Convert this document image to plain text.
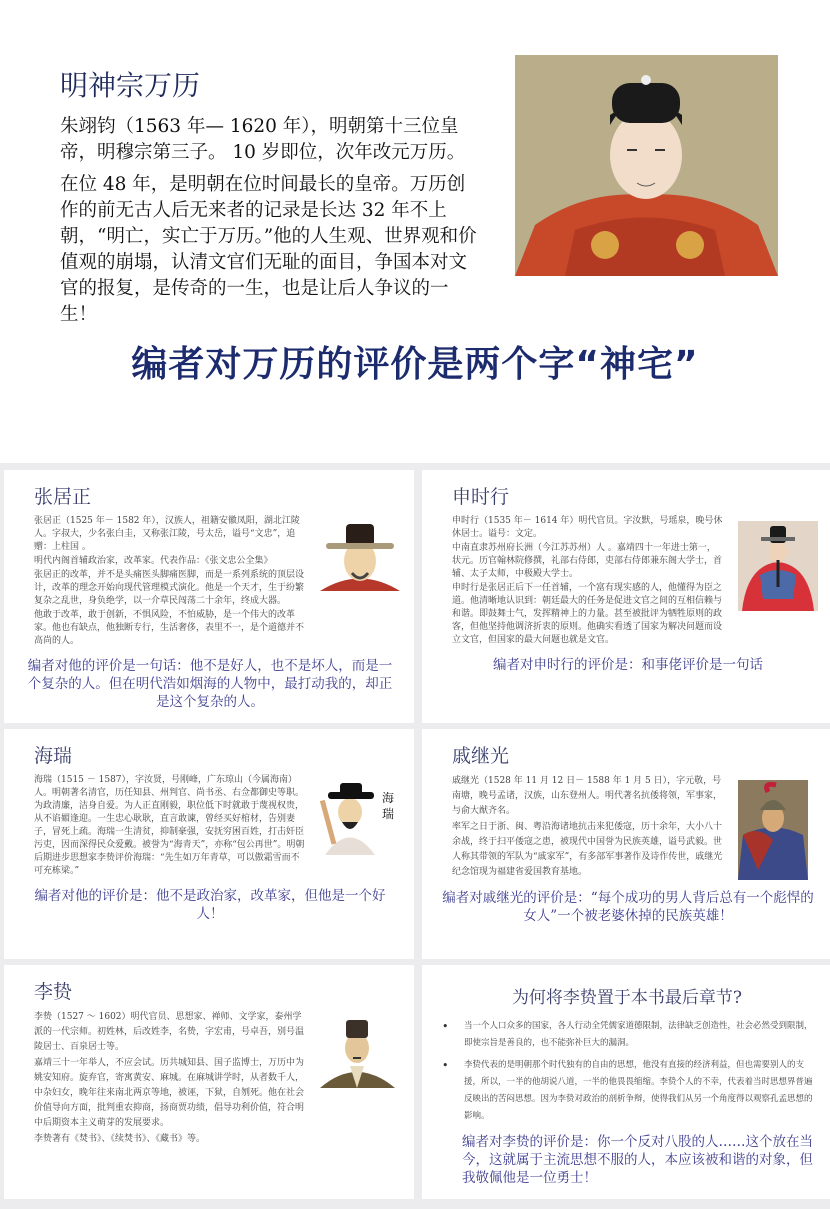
明神宗万历
朱翊钧（1563 年— 1620 年），明朝第十三位皇帝，明穆宗第三子。 10 岁即位，次年改元万历。
在位 48 年，是明朝在位时间最长的皇帝。万历创作的前无古人后无来者的记录是长达 32 年不上朝，“明亡，实亡于万历。”他的人生观、世界观和价值观的崩塌，认清文官们无耻的面目，争国本对文官的报复，是传奇的一生，也是让后人争议的一生！
编者对万历的评价是两个字“神宅”
张居正

张居正（1525 年－ 1582 年），汉族人，祖籍安徽凤阳，湖北江陵人。字叔大，少名张白圭，又称张江陵，号太岳，谥号“文忠”，追赠：上柱国 。

明代内阁首辅政治家，改革家。代表作品：《张文忠公全集》

张居正的改革，并不是头痛医头脚痛医脚，而是一系列系统的顶层设计，改革的理念开始向现代管理模式演化。他是一个天才，生于纷繁复杂之乱世，身负绝学，以一介草民闯荡二十余年，终成大器。

他敢于改革，敢于创新，不惧风险，不怕威胁，是一个伟大的改革家。他也有缺点，他独断专行，生活奢侈，表里不一，是个道德并不高尚的人。

编者对他的评价是一句话：他不是好人，也不是坏人，而是一个复杂的人。但在明代浩如烟海的人物中，最打动我的，却正是这个复杂的人。
申时行

申时行（1535 年－ 1614 年）明代官员。字汝默，号瑶泉，晚号休休居士。谥号：文定。

中南直隶苏州府长洲（今江苏苏州）人 。嘉靖四十一年进士第一，状元。历官翰林院修撰，礼部右侍郎，吏部右侍郎兼东阁大学士，首辅、太子太师，中极殿大学士。

申时行是张居正后下一任首辅，一个富有现实感的人，他懂得为臣之道。他清晰地认识到：朝廷最大的任务是促进文官之间的互相信赖与和谐。即鼓舞士气，发挥精神上的力量。甚至被批评为牺牲原则的政客，但他坚持他调济折衷的原则。他确实看透了国家为解决问题而设立文官，但国家的最大问题也就是文官。

编者对申时行的评价是：和事佬评价是一句话
海瑞

海瑞（1515 － 1587），字汝贤，号刚峰，广东琼山（今属海南）人。明朝著名清官，历任知县、州判官、尚书丞、右佥都御史等职。为政清廉，洁身自爱。为人正直刚毅，职位低下时就敢于蔑视权贵，从不谄媚逢迎。一生忠心耿耿，直言敢谏，曾经买好棺材，告别妻子，冒死上疏。海瑞一生清贫，抑制豪强，安抚穷困百姓，打击奸臣污吏，因而深得民众爱戴。被誉为“海青天”，亦称“包公再世”。明朝后期进步思想家李贽评价海瑞：“先生如万年青草，可以傲霜雪而不可充栋梁。”

海
瑞
编者对他的评价是：他不是政治家，改革家，但他是一个好人！
戚继光

戚继光（1528 年 11 月 12 日－ 1588 年 1 月 5 日），字元敬，号南塘，晚号孟诸，汉族，山东登州人。明代著名抗倭将领，军事家，与俞大猷齐名。

率军之日于浙、闽、粤沿海诸地抗击来犯倭寇，历十余年，大小八十余战，终于扫平倭寇之患，被现代中国誉为民族英雄，谥号武毅。世人称其带领的军队为“戚家军”，有多部军事著作及诗作传世，戚继光纪念馆现为福建省爱国教育基地。

编者对戚继光的评价是：“每个成功的男人背后总有一个彪悍的女人”一个被老婆休掉的民族英雄！
李贽

李贽（1527 ～ 1602）明代官员、思想家、禅师、文学家，泰州学派的一代宗师。初姓林，后改姓李，名贽，字宏甫，号卓吾，别号温陵居士、百泉居士等。

嘉靖三十一年举人，不应会试。历共城知县、国子监博士，万历中为姚安知府。旋弃官，寄寓黄安、麻城。在麻城讲学时，从者数千人，中杂妇女，晚年往来南北两京等地，被诬，下狱，自刎死。他在社会价值导向方面，批判重农抑商，扬商贾功绩，倡导功利价值，符合明中后期资本主义萌芽的发展要求。

李贽著有《焚书》、《续焚书》、《藏书》等。

为何将李贽置于本书最后章节?
• 当一个人口众多的国家，各人行动全凭儒家道德限制，法律缺乏创造性，社会必然受到限制，即使宗旨是善良的，也不能弥补巨大的漏洞。
• 李贽代表的是明朝那个时代独有的自由的思想，他没有直接的经济利益，但也需要别人的支援，所以，一半的他胡说八道，一半的他畏畏缩缩。李贽个人的不幸，代表着当时思想界普遍反映出的苦闷思想。因为李贽对政治的剖析争辩，使得我们从另一个角度得以观察孔孟思想的影响。
编者对李贽的评价是：你一个反对八股的人……这个放在当今，这就属于主流思想不服的人，本应该被和谐的对象，但我敬佩他是一位勇士！
